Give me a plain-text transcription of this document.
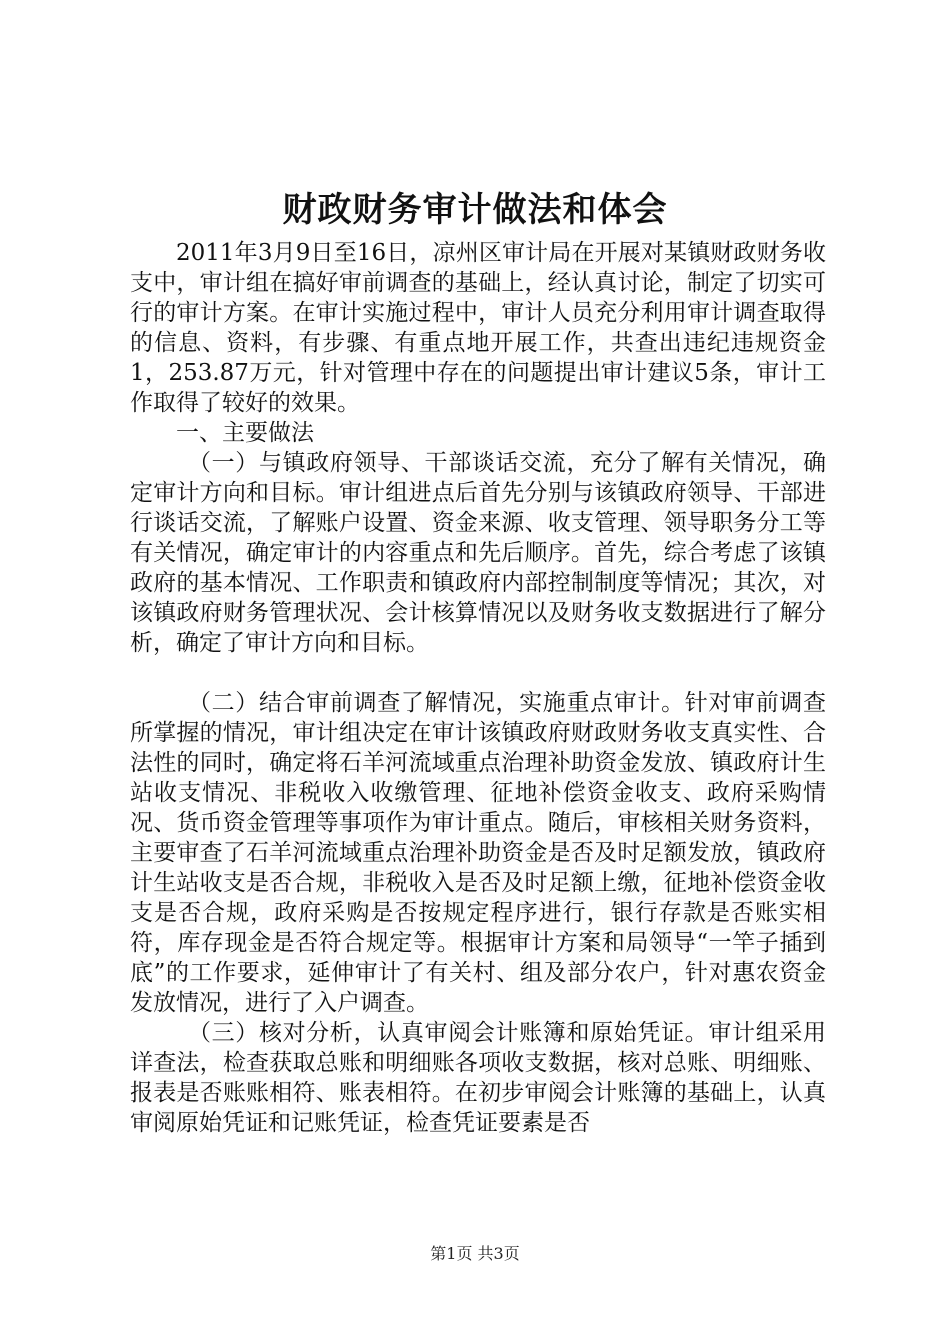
财政财务审计做法和体会

2011年3月9日至16日，凉州区审计局在开展对某镇财政财务收支中，审计组在搞好审前调查的基础上，经认真讨论，制定了切实可行的审计方案。在审计实施过程中，审计人员充分利用审计调查取得的信息、资料，有步骤、有重点地开展工作，共查出违纪违规资金1，253.87万元，针对管理中存在的问题提出审计建议5条，审计工作取得了较好的效果。

一、主要做法

（一）与镇政府领导、干部谈话交流，充分了解有关情况，确定审计方向和目标。审计组进点后首先分别与该镇政府领导、干部进行谈话交流，了解账户设置、资金来源、收支管理、领导职务分工等有关情况，确定审计的内容重点和先后顺序。首先，综合考虑了该镇政府的基本情况、工作职责和镇政府内部控制制度等情况；其次，对该镇政府财务管理状况、会计核算情况以及财务收支数据进行了解分析，确定了审计方向和目标。

（二）结合审前调查了解情况，实施重点审计。针对审前调查所掌握的情况，审计组决定在审计该镇政府财政财务收支真实性、合法性的同时，确定将石羊河流域重点治理补助资金发放、镇政府计生站收支情况、非税收入收缴管理、征地补偿资金收支、政府采购情况、货币资金管理等事项作为审计重点。随后，审核相关财务资料，主要审查了石羊河流域重点治理补助资金是否及时足额发放，镇政府计生站收支是否合规，非税收入是否及时足额上缴，征地补偿资金收支是否合规，政府采购是否按规定程序进行，银行存款是否账实相符，库存现金是否符合规定等。根据审计方案和局领导“一竿子插到底”的工作要求，延伸审计了有关村、组及部分农户，针对惠农资金发放情况，进行了入户调查。

（三）核对分析，认真审阅会计账簿和原始凭证。审计组采用详查法，检查获取总账和明细账各项收支数据，核对总账、明细账、报表是否账账相符、账表相符。在初步审阅会计账簿的基础上，认真审阅原始凭证和记账凭证，检查凭证要素是否

第1页 共3页
